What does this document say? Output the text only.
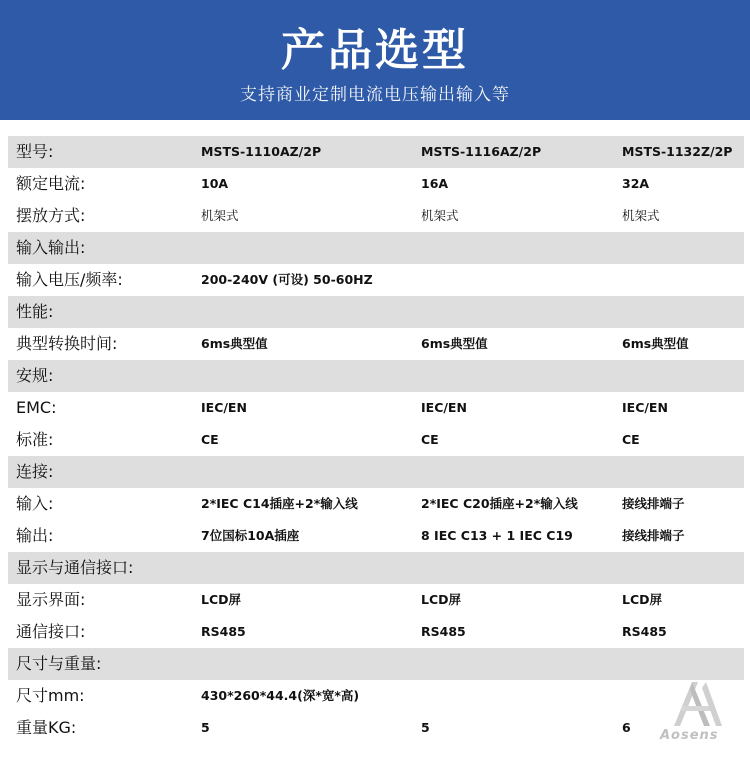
产品选型
支持商业定制电流电压输出输入等
型号:	MSTS-1110AZ/2P	MSTS-1116AZ/2P	MSTS-1132Z/2P
额定电流:	10A	16A	32A
摆放方式:	机架式	机架式	机架式
输入输出:
输入电压/频率:	200-240V (可设) 50-60HZ
性能:
典型转换时间:	6ms典型值	6ms典型值	6ms典型值
安规:
EMC:	IEC/EN	IEC/EN	IEC/EN
标准:	CE	CE	CE
连接:
输入:	2*IEC C14插座+2*输入线	2*IEC C20插座+2*输入线	接线排端子
输出:	7位国标10A插座	8 IEC C13 + 1 IEC C19	接线排端子
显示与通信接口:
显示界面:	LCD屏	LCD屏	LCD屏
通信接口:	RS485	RS485	RS485
尺寸与重量:
尺寸mm:	430*260*44.4(深*宽*高)
重量KG:	5	5	6
Aosens
